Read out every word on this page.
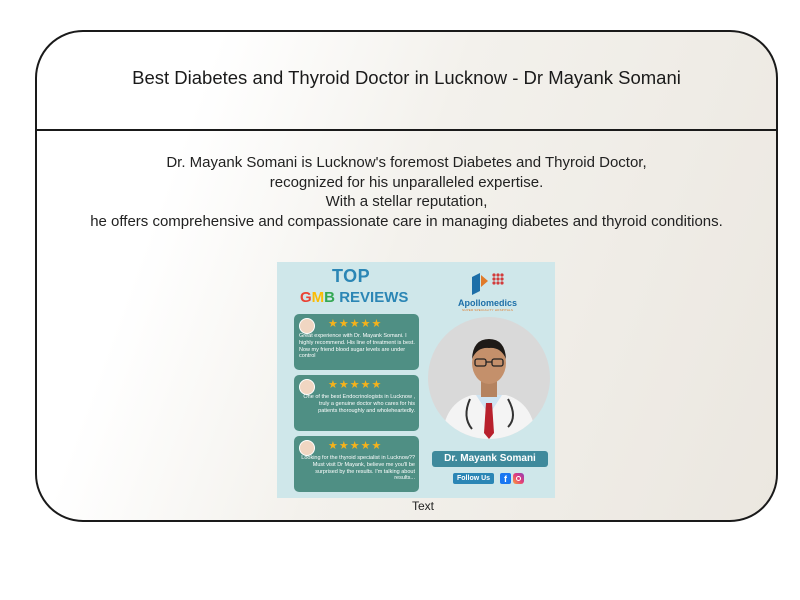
Best Diabetes and Thyroid Doctor in Lucknow - Dr Mayank Somani
Dr. Mayank Somani is Lucknow's foremost Diabetes and Thyroid Doctor,
recognized for his unparalleled expertise.
With a stellar reputation,
he offers comprehensive and compassionate care in managing diabetes and thyroid conditions.
TOP
GMB REVIEWS
★★★★★
Great experience with Dr. Mayank Somani. I highly recommend. His line of treatment is best. Now my friend blood sugar levels are under control
★★★★★
One of the best Endocrinologists in Lucknow , truly a genuine doctor who cares for his patients thoroughly and wholeheartedly.
★★★★★
Looking for the thyroid specialist in Lucknow?? Must visit Dr Mayank, believe me you'll be surprised by the results. I'm talking about results...
Apollomedics
SUPER SPECIALITY HOSPITALS
Dr. Mayank Somani
Follow Us	f
Text
